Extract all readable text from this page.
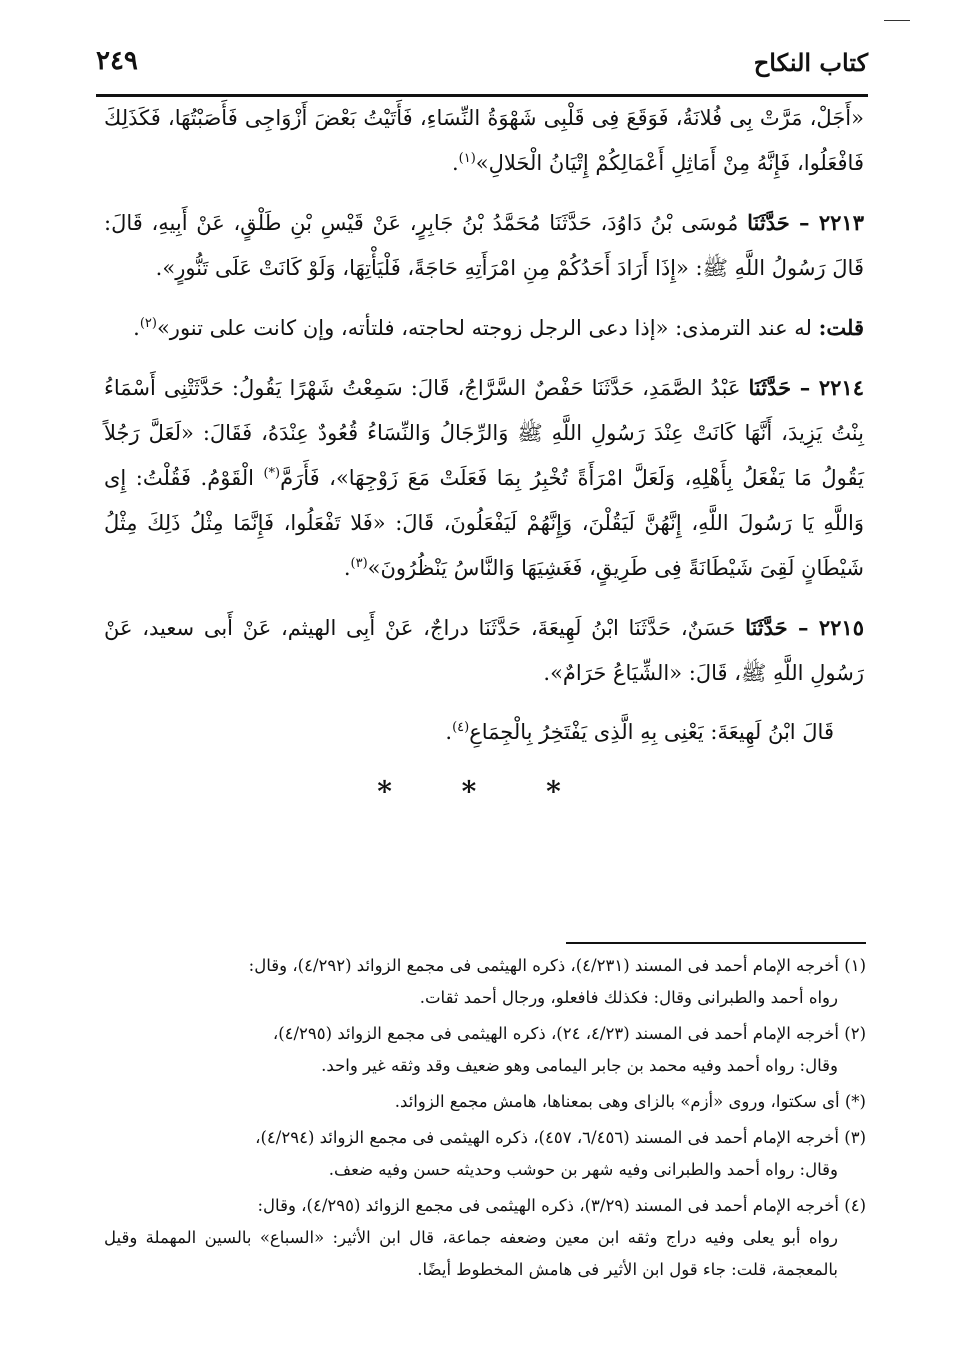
كتاب النكاح
٢٤٩

«أَجَلْ، مَرَّتْ بِى فُلانَةُ، فَوَقَعَ فِى قَلْبِى شَهْوَةُ النِّسَاءِ، فَأَتَيْتُ بَعْضَ أَزْوَاجِى فَأَصَبْتُهَا، فَكَذَلِكَ فَافْعَلُوا، فَإِنَّهُ مِنْ أَمَاثِلِ أَعْمَالِكُمْ إِتْيَانُ الْحَلالِ»$^{(١)}$.

٢٢١٣ – حَدَّثَنَا مُوسَى بْنُ دَاوُدَ، حَدَّثَنَا مُحَمَّدُ بْنُ جَابِرٍ، عَنْ قَيْسِ بْنِ طَلْقٍ، عَنْ أَبِيهِ، قَالَ: قَالَ رَسُولُ اللَّهِ ﷺ: «إِذَا أَرَادَ أَحَدُكُمْ مِنِ امْرَأَتِهِ حَاجَةً، فَلْيَأْتِهَا، وَلَوْ كَانَتْ عَلَى تَنُّورٍ».

قلت: له عند الترمذى: «إذا دعى الرجل زوجته لحاجته، فلتأته، وإن كانت على تنور»$^{(٢)}$.

٢٢١٤ – حَدَّثَنَا عَبْدُ الصَّمَدِ، حَدَّثَنَا حَفْصٌ السَّرَّاجُ، قَالَ: سَمِعْتُ شَهْرًا يَقُولُ: حَدَّثَتْنِى أَسْمَاءُ بِنْتُ يَزِيدَ، أَنَّهَا كَانَتْ عِنْدَ رَسُولِ اللَّهِ ﷺ وَالرِّجَالُ وَالنِّسَاءُ قُعُودٌ عِنْدَهُ، فَقَالَ: «لَعَلَّ رَجُلاً يَقُولُ مَا يَفْعَلُ بِأَهْلِهِ، وَلَعَلَّ امْرَأَةً تُخْبِرُ بِمَا فَعَلَتْ مَعَ زَوْجِهَا»، فَأَرَمَّ(*) الْقَوْمُ. فَقُلْتُ: إِى وَاللَّهِ يَا رَسُولَ اللَّهِ، إِنَّهُنَّ لَيَقُلْنَ، وَإِنَّهُمْ لَيَفْعَلُونَ، قَالَ: «فَلا تَفْعَلُوا، فَإِنَّمَا مِثْلُ ذَلِكَ مِثْلُ شَيْطَانٍ لَقِىَ شَيْطَانَةً فِى طَرِيقٍ، فَغَشِيَهَا وَالنَّاسُ يَنْظُرُونَ»$^{(٣)}$.

٢٢١٥ – حَدَّثَنَا حَسَنٌ، حَدَّثَنَا ابْنُ لَهِيعَةَ، حَدَّثَنَا دراجٌ، عَنْ أَبِى الهيثم، عَنْ أَبى سعيد، عَنْ رَسُولِ اللَّهِ ﷺ، قَالَ: «الشِّيَاعُ حَرَامٌ».

قَالَ ابْنُ لَهِيعَةَ: يَعْنِى بِهِ الَّذِى يَفْتَخِرُ بِالْجِمَاعِ$^{(٤)}$.

* * *

(١) أخرجه الإمام أحمد فى المسند (٤/٢٣١)، ذكره الهيثمى فى مجمع الزوائد (٤/٢٩٢)، وقال:
رواه أحمد والطبرانى وقال: فكذلك فافعلو، ورجال أحمد ثقات.

(٢) أخرجه الإمام أحمد فى المسند (٤/٢٣، ٢٤)، ذكره الهيثمى فى مجمع الزوائد (٤/٢٩٥)،
وقال: رواه أحمد وفيه محمد بن جابر اليمامى وهو ضعيف وقد وثقه غير واحد.

(*) أى سكتوا، وروى «أزم» بالزاى وهى بمعناها، هامش مجمع الزوائد.

(٣) أخرجه الإمام أحمد فى المسند (٦/٤٥٦، ٤٥٧)، ذكره الهيثمى فى مجمع الزوائد (٤/٢٩٤)،
وقال: رواه أحمد والطبرانى وفيه شهر بن حوشب وحديثه حسن وفيه ضعف.

(٤) أخرجه الإمام أحمد فى المسند (٣/٢٩)، ذكره الهيثمى فى مجمع الزوائد (٤/٢٩٥)، وقال:
رواه أبو يعلى وفيه دراج وثقه ابن معين وضعفه جماعة، قال ابن الأثير: «السباع» بالسين المهملة وقيل بالمعجمة، قلت: جاء قول ابن الأثير فى هامش المخطوط أيضًا.
